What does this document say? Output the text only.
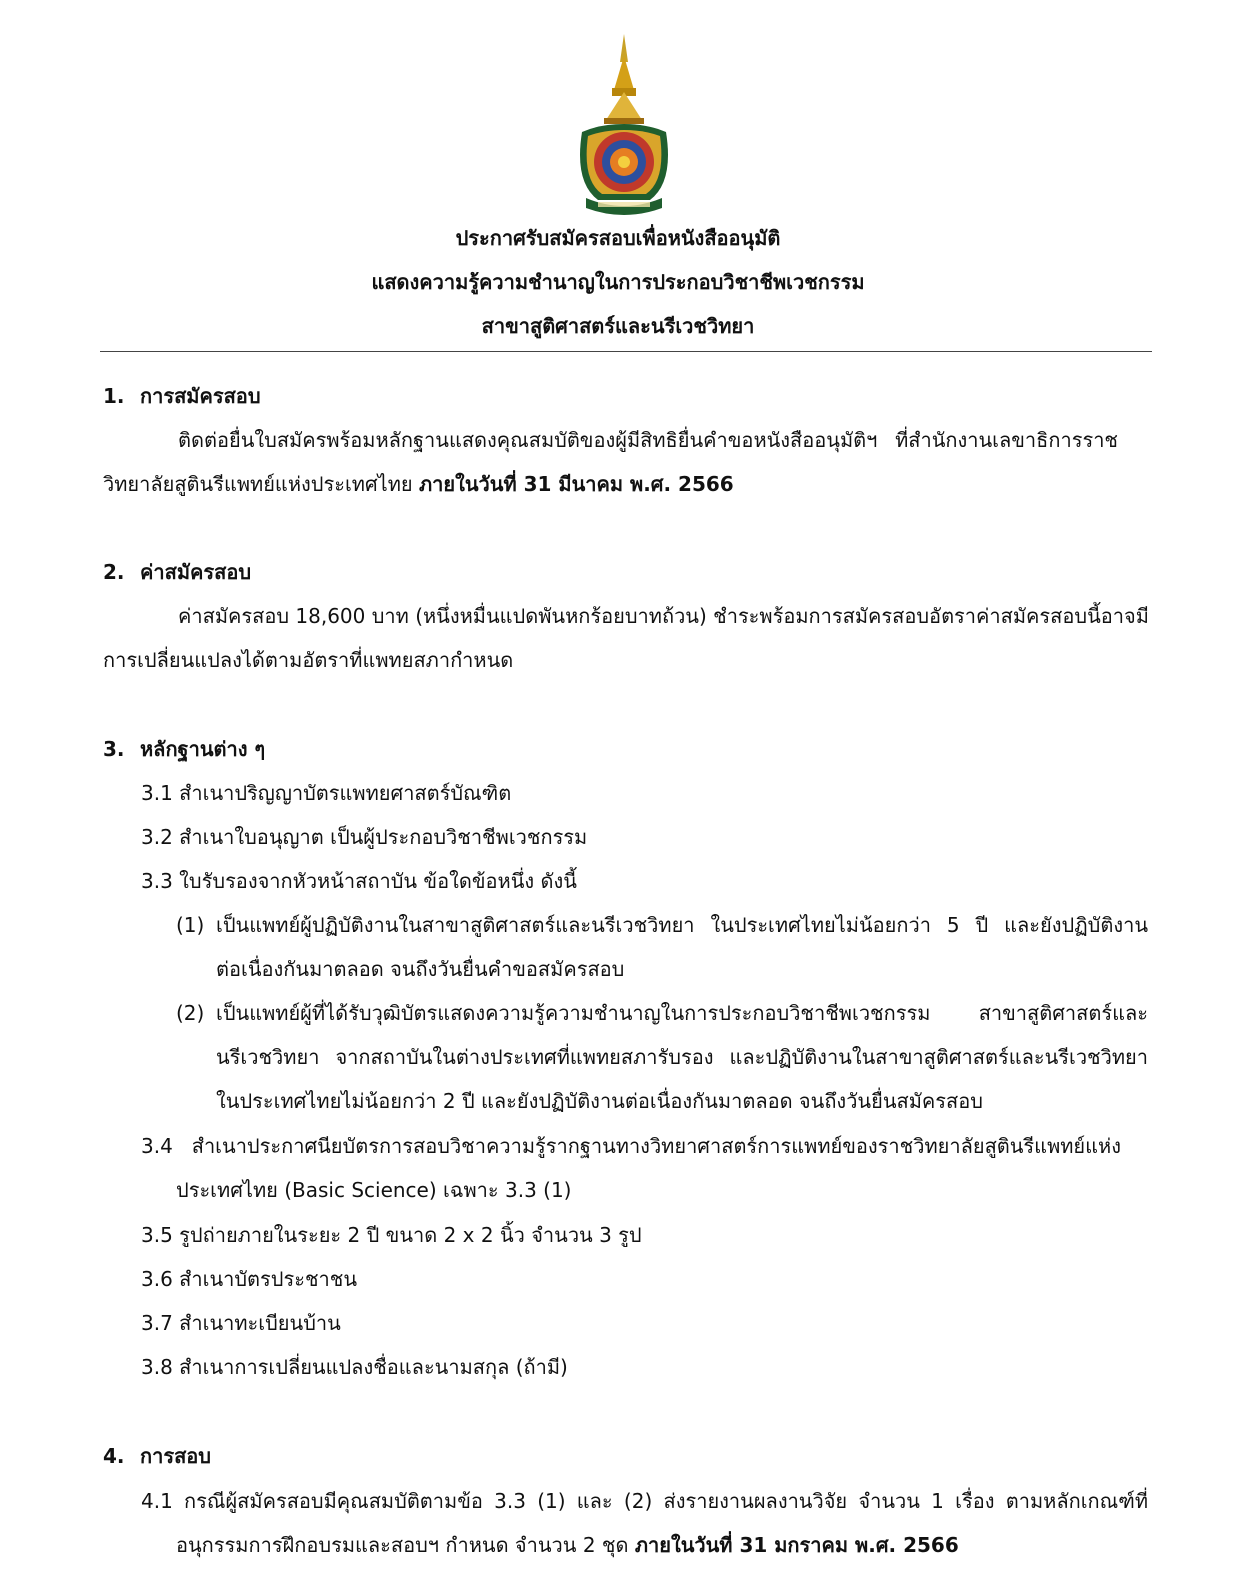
ประกาศรับสมัครสอบเพื่อหนังสืออนุมัติ
แสดงความรู้ความชำนาญในการประกอบวิชาชีพเวชกรรม
สาขาสูติศาสตร์และนรีเวชวิทยา
1. การสมัครสอบ
ติดต่อยื่นใบสมัครพร้อมหลักฐานแสดงคุณสมบัติของผู้มีสิทธิยื่นคำขอหนังสืออนุมัติฯ ที่สำนักงานเลขาธิการราช
วิทยาลัยสูตินรีแพทย์แห่งประเทศไทย ภายในวันที่ 31 มีนาคม พ.ศ. 2566
2. ค่าสมัครสอบ
ค่าสมัครสอบ 18,600 บาท (หนึ่งหมื่นแปดพันหกร้อยบาทถ้วน) ชำระพร้อมการสมัครสอบอัตราค่าสมัครสอบนี้อาจมี
การเปลี่ยนแปลงได้ตามอัตราที่แพทยสภากำหนด
3. หลักฐานต่าง ๆ
3.1 สำเนาปริญญาบัตรแพทยศาสตร์บัณฑิต
3.2 สำเนาใบอนุญาต เป็นผู้ประกอบวิชาชีพเวชกรรม
3.3 ใบรับรองจากหัวหน้าสถาบัน ข้อใดข้อหนึ่ง ดังนี้
(1) เป็นแพทย์ผู้ปฏิบัติงานในสาขาสูติศาสตร์และนรีเวชวิทยา ในประเทศไทยไม่น้อยกว่า 5 ปี และยังปฏิบัติงาน
ต่อเนื่องกันมาตลอด จนถึงวันยื่นคำขอสมัครสอบ
(2) เป็นแพทย์ผู้ที่ได้รับวุฒิบัตรแสดงความรู้ความชำนาญในการประกอบวิชาชีพเวชกรรม สาขาสูติศาสตร์และ
นรีเวชวิทยา จากสถาบันในต่างประเทศที่แพทยสภารับรอง และปฏิบัติงานในสาขาสูติศาสตร์และนรีเวชวิทยา
ในประเทศไทยไม่น้อยกว่า 2 ปี และยังปฏิบัติงานต่อเนื่องกันมาตลอด จนถึงวันยื่นสมัครสอบ
3.4 สำเนาประกาศนียบัตรการสอบวิชาความรู้รากฐานทางวิทยาศาสตร์การแพทย์ของราชวิทยาลัยสูตินรีแพทย์แห่ง
ประเทศไทย (Basic Science) เฉพาะ 3.3 (1)
3.5 รูปถ่ายภายในระยะ 2 ปี ขนาด 2 x 2 นิ้ว จำนวน 3 รูป
3.6 สำเนาบัตรประชาชน
3.7 สำเนาทะเบียนบ้าน
3.8 สำเนาการเปลี่ยนแปลงชื่อและนามสกุล (ถ้ามี)
4. การสอบ
4.1 กรณีผู้สมัครสอบมีคุณสมบัติตามข้อ 3.3 (1) และ (2) ส่งรายงานผลงานวิจัย จำนวน 1 เรื่อง ตามหลักเกณฑ์ที่
อนุกรรมการฝึกอบรมและสอบฯ กำหนด จำนวน 2 ชุด ภายในวันที่ 31 มกราคม พ.ศ. 2566
